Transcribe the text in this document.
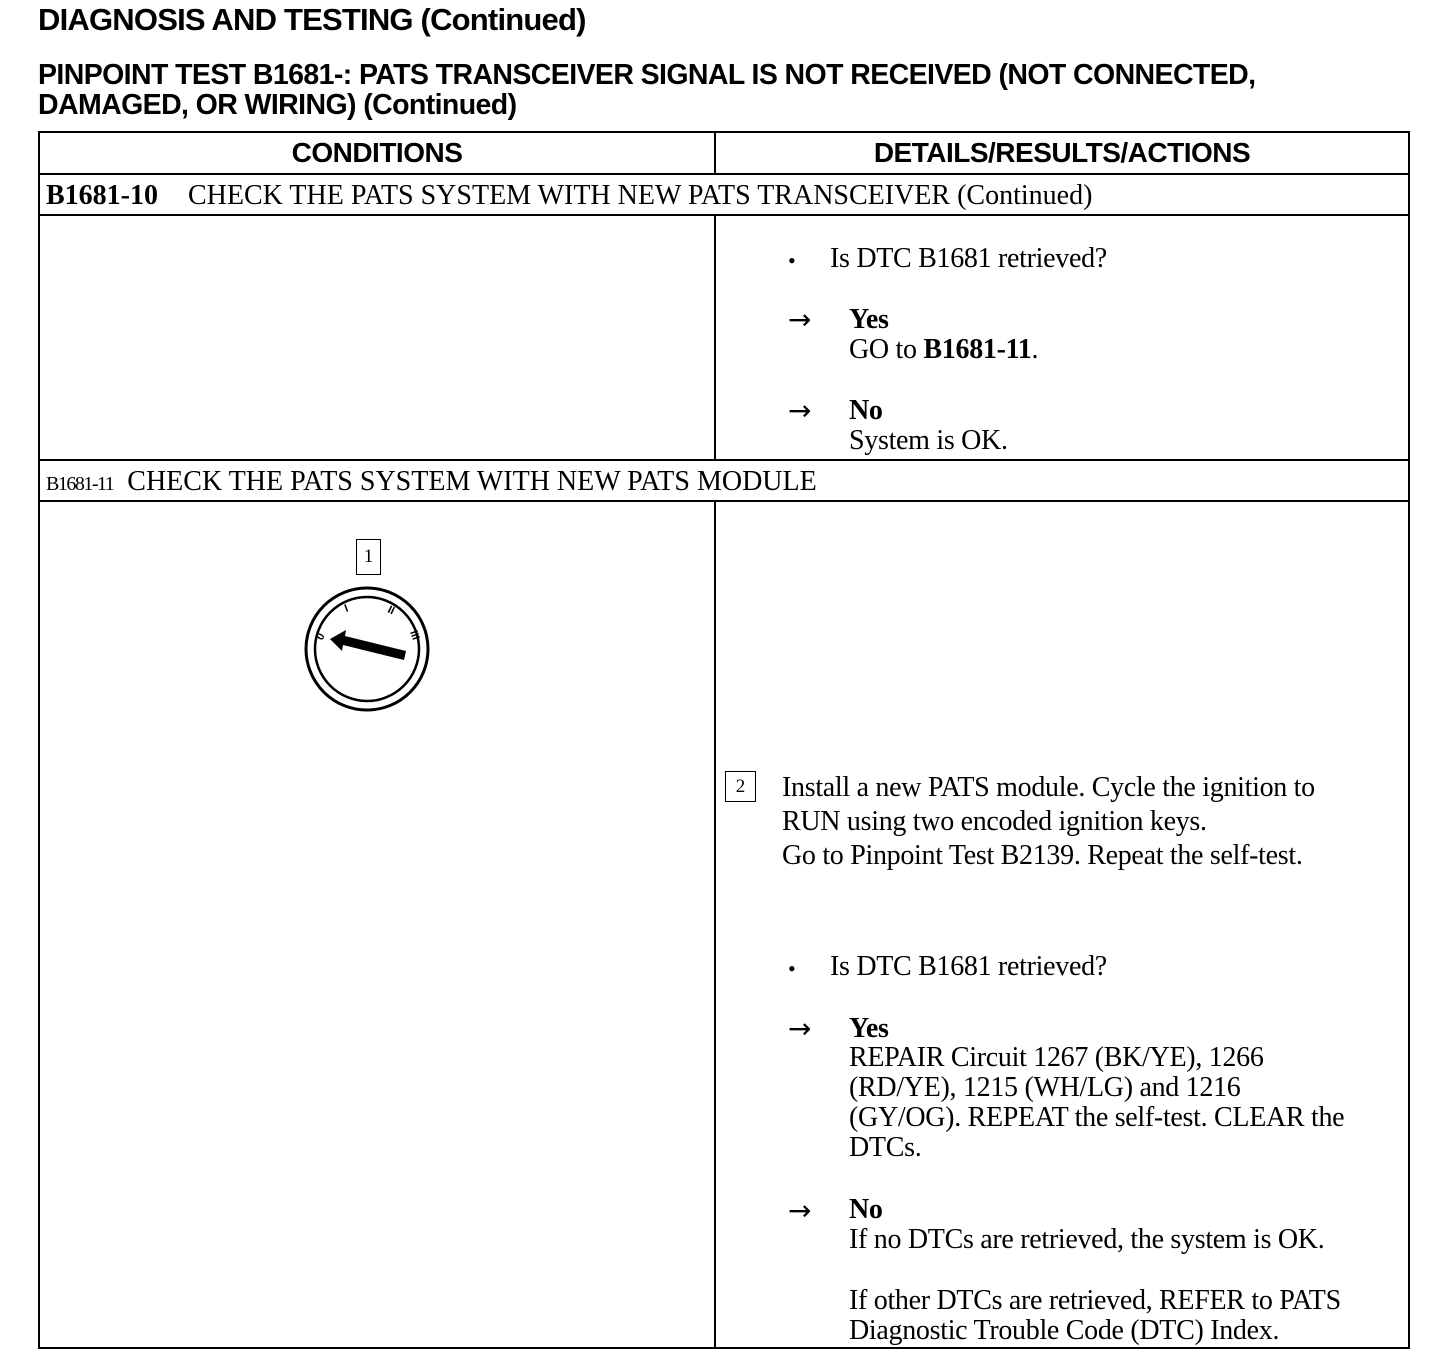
DIAGNOSIS AND TESTING (Continued)
PINPOINT TEST B1681-: PATS TRANSCEIVER SIGNAL IS NOT RECEIVED (NOT CONNECTED,
DAMAGED, OR WIRING) (Continued)
CONDITIONS	DETAILS/RESULTS/ACTIONS
B1681-10 CHECK THE PATS SYSTEM WITH NEW PATS TRANSCEIVER (Continued)
• Is DTC B1681 retrieved?
→ Yes
GO to B1681-11.
→ No
System is OK.
B1681-11 CHECK THE PATS SYSTEM WITH NEW PATS MODULE
1
0
I	II
III
2	Install a new PATS module. Cycle the ignition to
RUN using two encoded ignition keys.
Go to Pinpoint Test B2139. Repeat the self-test.
• Is DTC B1681 retrieved?
→ Yes
REPAIR Circuit 1267 (BK/YE), 1266
(RD/YE), 1215 (WH/LG) and 1216
(GY/OG). REPEAT the self-test. CLEAR the
DTCs.
→ No
If no DTCs are retrieved, the system is OK.
If other DTCs are retrieved, REFER to PATS
Diagnostic Trouble Code (DTC) Index.
